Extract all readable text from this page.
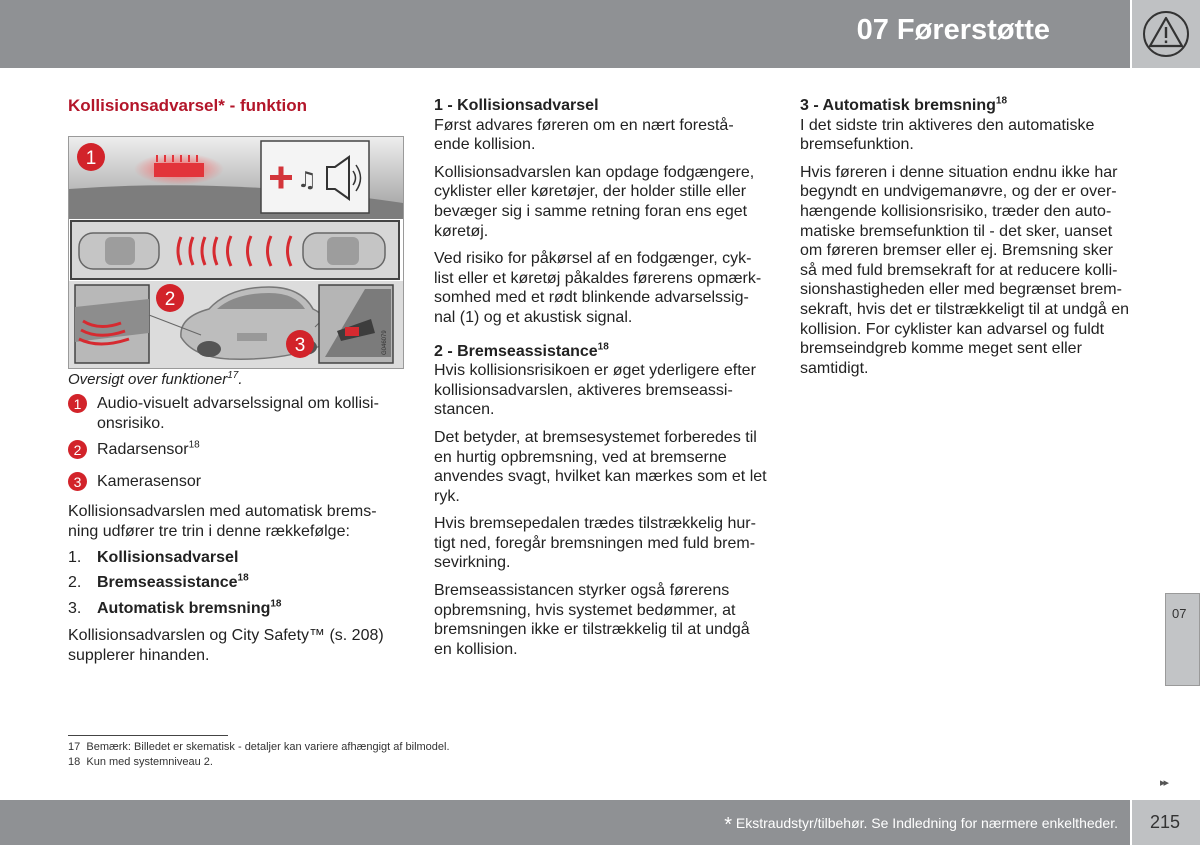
07 Førerstøtte
Kollisionsadvarsel* - funktion
♫
1
G046079
2
3
Oversigt over funktioner$^{17}$.
1 Audio-visuelt advarselssignal om kollisi-onsrisiko.
2 Radarsensor$^{18}$
3 Kamerasensor
Kollisionsadvarslen med automatisk brems-ning udfører tre trin i denne rækkefølge:
1. Kollisionsadvarsel
2. Bremseassistance$^{18}$
3. Automatisk bremsning$^{18}$
Kollisionsadvarslen og City Safety™ (s. 208) supplerer hinanden.
1 - Kollisionsadvarsel

Først advares føreren om en nært forestå-ende kollision.

Kollisionsadvarslen kan opdage fodgængere, cyklister eller køretøjer, der holder stille eller bevæger sig i samme retning foran ens eget køretøj.

Ved risiko for påkørsel af en fodgænger, cyk-list eller et køretøj påkaldes førerens opmærk-somhed med et rødt blinkende advarselssig-nal (1) og et akustisk signal.

2 - Bremseassistance$^{18}$

Hvis kollisionsrisikoen er øget yderligere efter kollisionsadvarslen, aktiveres bremseassi-stancen.

Det betyder, at bremsesystemet forberedes til en hurtig opbremsning, ved at bremserne anvendes svagt, hvilket kan mærkes som et let ryk.

Hvis bremsepedalen trædes tilstrækkelig hur-tigt ned, foregår bremsningen med fuld brem-sevirkning.

Bremseassistancen styrker også førerens opbremsning, hvis systemet bedømmer, at bremsningen ikke er tilstrækkelig til at undgå en kollision.

3 - Automatisk bremsning$^{18}$

I det sidste trin aktiveres den automatiske bremsefunktion.

Hvis føreren i denne situation endnu ikke har begyndt en undvigemanøvre, og der er over-hængende kollisionsrisiko, træder den auto-matiske bremsefunktion til - det sker, uanset om føreren bremser eller ej. Bremsning sker så med fuld bremsekraft for at reducere kolli-sionshastigheden eller med begrænset brem-sekraft, hvis det er tilstrækkeligt til at undgå en kollision. For cyklister kan advarsel og fuldt bremseindgreb komme meget sent eller samtidigt.

17 Bemærk: Billedet er skematisk - detaljer kan variere afhængigt af bilmodel.
18 Kun med systemniveau 2.
07
▸▸
* Ekstraudstyr/tilbehør. Se Indledning for nærmere enkeltheder. 215
